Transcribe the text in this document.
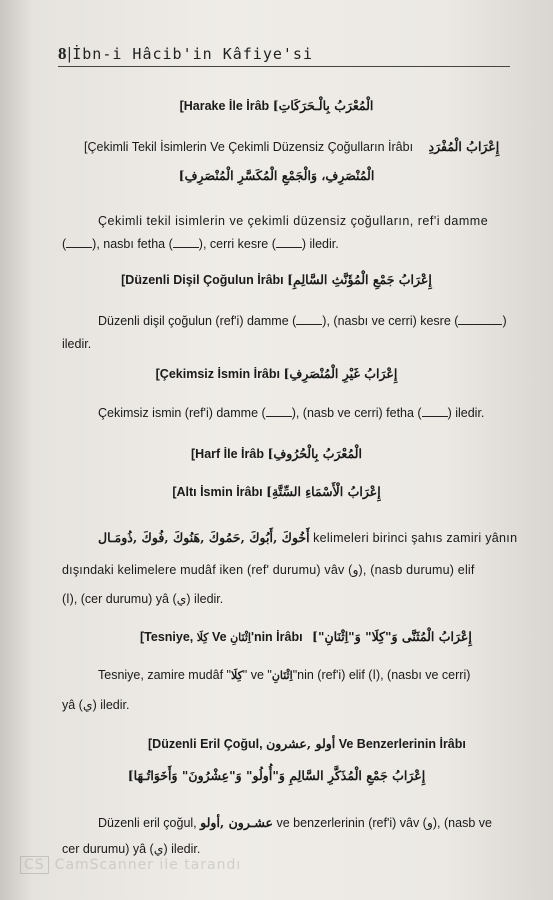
8|İbn-i Hâcib'in Kâfiye'si
[Harake İle İrâb الْمُعْرَبُ بِالْـحَرَكَاتِ]
[Çekimli Tekil İsimlerin Ve Çekimli Düzensiz Çoğulların İrâbı إِعْرَابُ الْمُفْرَدِ
الْمُنْصَرِفِ، وَالْجَمْعِ الْمُكَسَّرِ الْمُنْصَرِفِ]
Çekimli tekil isimlerin ve çekimli düzensiz çoğulların, ref'i damme
( ), nasbı fetha ( ), cerri kesre ( ) iledir.
[Düzenli Dişil Çoğulun İrâbı إِعْرَابُ جَمْعِ الْمُؤَنَّثِ السَّالِمِ]
Düzenli dişil çoğulun (ref'i) damme ( ), (nasbı ve cerri) kesre (	)
iledir.
[Çekimsiz İsmin İrâbı إِعْرَابُ غَيْرِ الْمُنْصَرِفِ]
Çekimsiz ismin (ref'i) damme ( ), (nasb ve cerri) fetha ( ) iledir.
[Harf İle İrâb الْمُعْرَبُ بِالْحُرُوفِ]
[Altı İsmin İrâbı إِعْرَابُ الْأَسْمَاءِ السِّتَّةِ]
أَخُوكَ ,أَبُوكَ ,حَمُوكَ ,هَنُوكَ ,فُوكَ ,ذُومَـال kelimeleri birinci şahıs zamiri yânın
dışındaki kelimelere mudâf iken (ref' durumu) vâv (و), (nasb durumu) elif
(ا), (cer durumu) yâ (ي) iledir.
[Tesniye, كِلَا Ve اِثْنَانِ'nin İrâbı إِعْرَابُ الْمُثَنَّى وَ"كِلَا" وَ"اِثْنَانِ"]
Tesniye, zamire mudâf "كِلَا" ve "اِثْنَانِ"nin (ref'i) elif (ا), (nasbı ve cerri)
yâ (ي) iledir.
[Düzenli Eril Çoğul, أولو ,عشرون Ve Benzerlerinin İrâbı
إِعْرَابُ جَمْعِ الْمُذَكَّرِ السَّالِمِ وَ"أُولُو" وَ"عِشْرُونَ" وَأَخَوَاتُـهَا]
Düzenli eril çoğul, عشـرون ,أولو ve benzerlerinin (ref'i) vâv (و), (nasb ve
cer durumu) yâ (ي) iledir.
CS CamScanner ile tarandı
